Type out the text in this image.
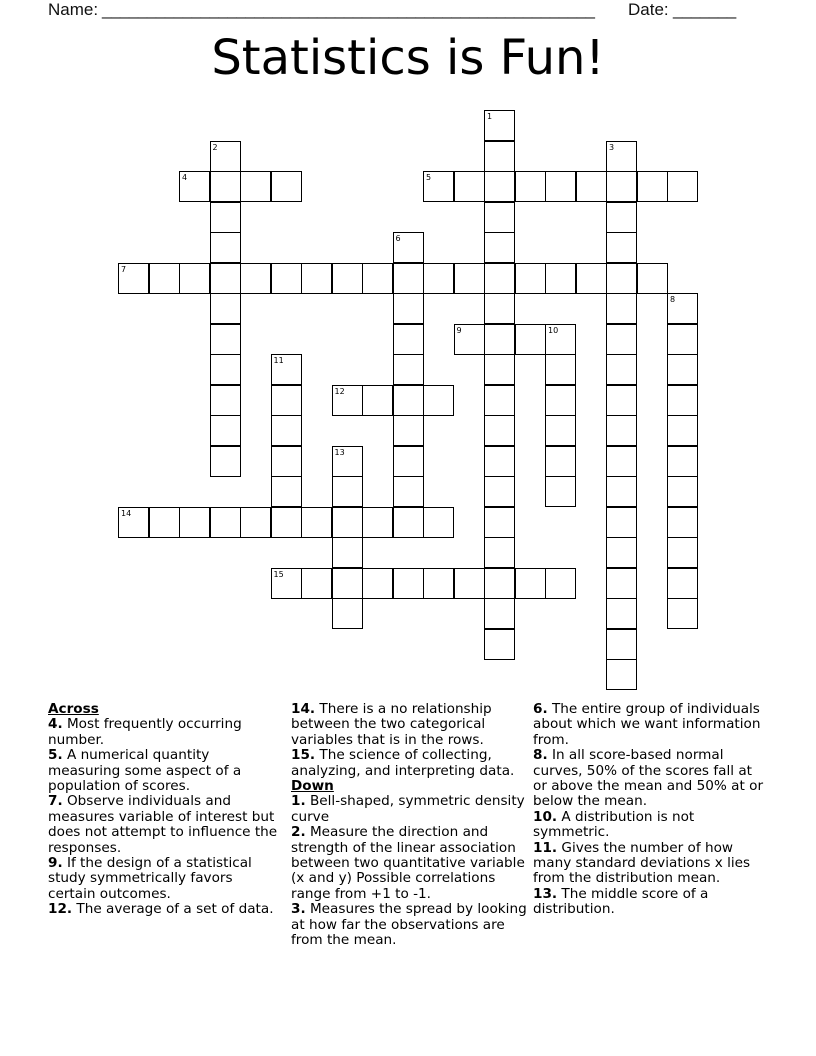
Name: _______________________________________________________ Date: _______
Statistics is Fun!
1
2	3
4	5
6
7
8
9	10
11
12
13
14
15
Across
4. Most frequently occurring number.
5. A numerical quantity measuring some aspect of a population of scores.
7. Observe individuals and measures variable of interest but does not attempt to influence the responses.
9. If the design of a statistical study symmetrically favors certain outcomes.
12. The average of a set of data.
14. There is a no relationship between the two categorical variables that is in the rows.
15. The science of collecting, analyzing, and interpreting data.
Down
1. Bell-shaped, symmetric density curve
2. Measure the direction and strength of the linear association between two quantitative variable (x and y) Possible correlations range from +1 to -1.
3. Measures the spread by looking at how far the observations are from the mean.
6. The entire group of individuals about which we want information from.
8. In all score-based normal curves, 50% of the scores fall at or above the mean and 50% at or below the mean.
10. A distribution is not symmetric.
11. Gives the number of how many standard deviations x lies from the distribution mean.
13. The middle score of a distribution.
